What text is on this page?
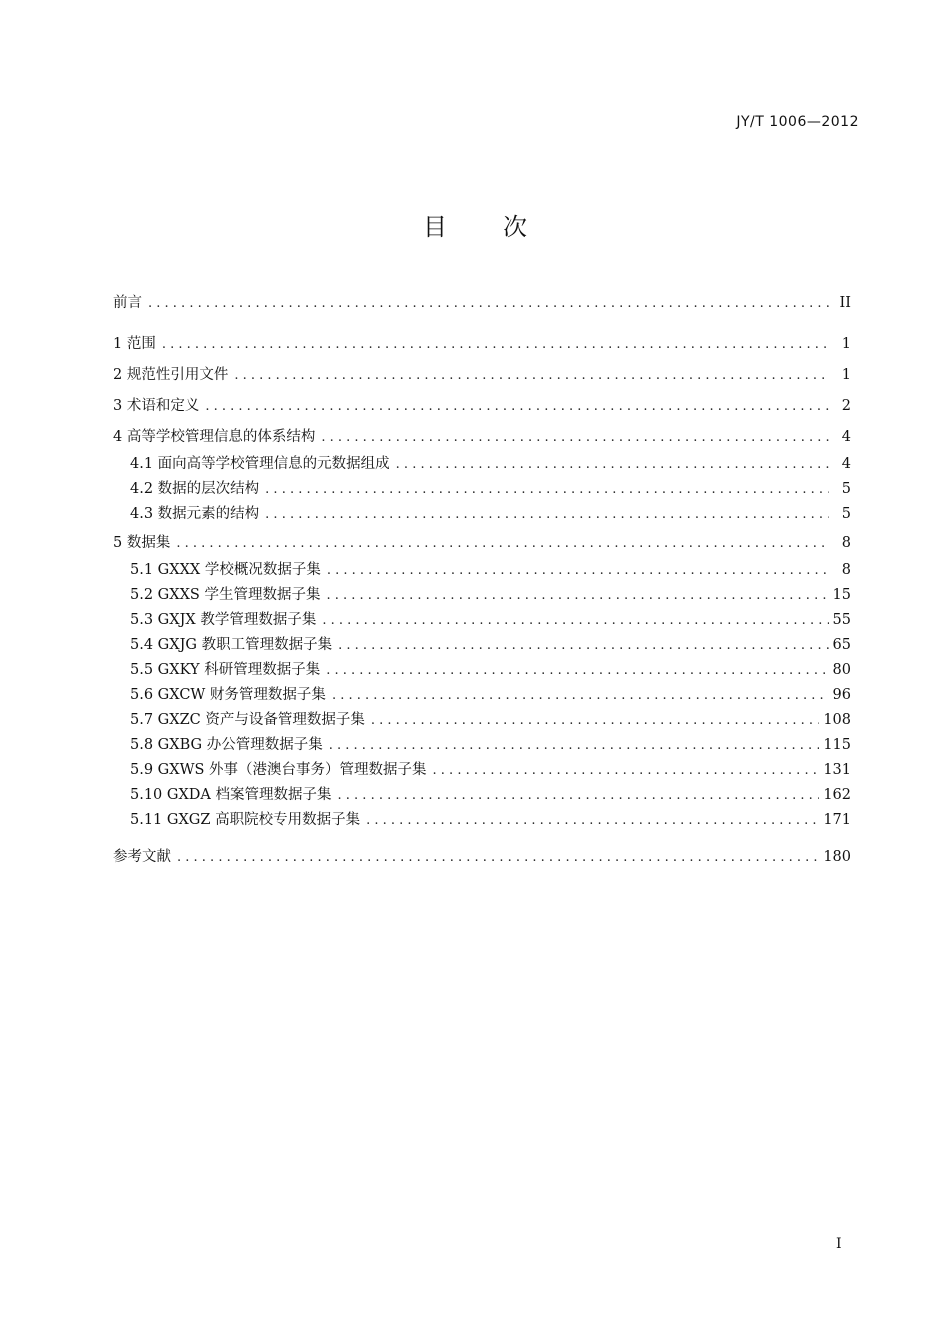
JY/T 1006—2012
目 次
前言 . . .	II
1 范围 . . .	1
2 规范性引用文件 . . .	1
3 术语和定义 . . .	2
4 高等学校管理信息的体系结构 . . .	4
4.1 面向高等学校管理信息的元数据组成 . . .	4
4.2 数据的层次结构 . . .	5
4.3 数据元素的结构 . . .	5
5 数据集 . . .	8
5.1 GXXX 学校概况数据子集 . . .	8
5.2 GXXS 学生管理数据子集 . . .	15
5.3 GXJX 教学管理数据子集 . . .	55
5.4 GXJG 教职工管理数据子集 . . .	65
5.5 GXKY 科研管理数据子集 . . .	80
5.6 GXCW 财务管理数据子集 . . .	96
5.7 GXZC 资产与设备管理数据子集 . . .	108
5.8 GXBG 办公管理数据子集 . . .	115
5.9 GXWS 外事（港澳台事务）管理数据子集 . . .	131
5.10 GXDA 档案管理数据子集 . . .	162
5.11 GXGZ 高职院校专用数据子集 . . .	171
参考文献 . . .	180
I
